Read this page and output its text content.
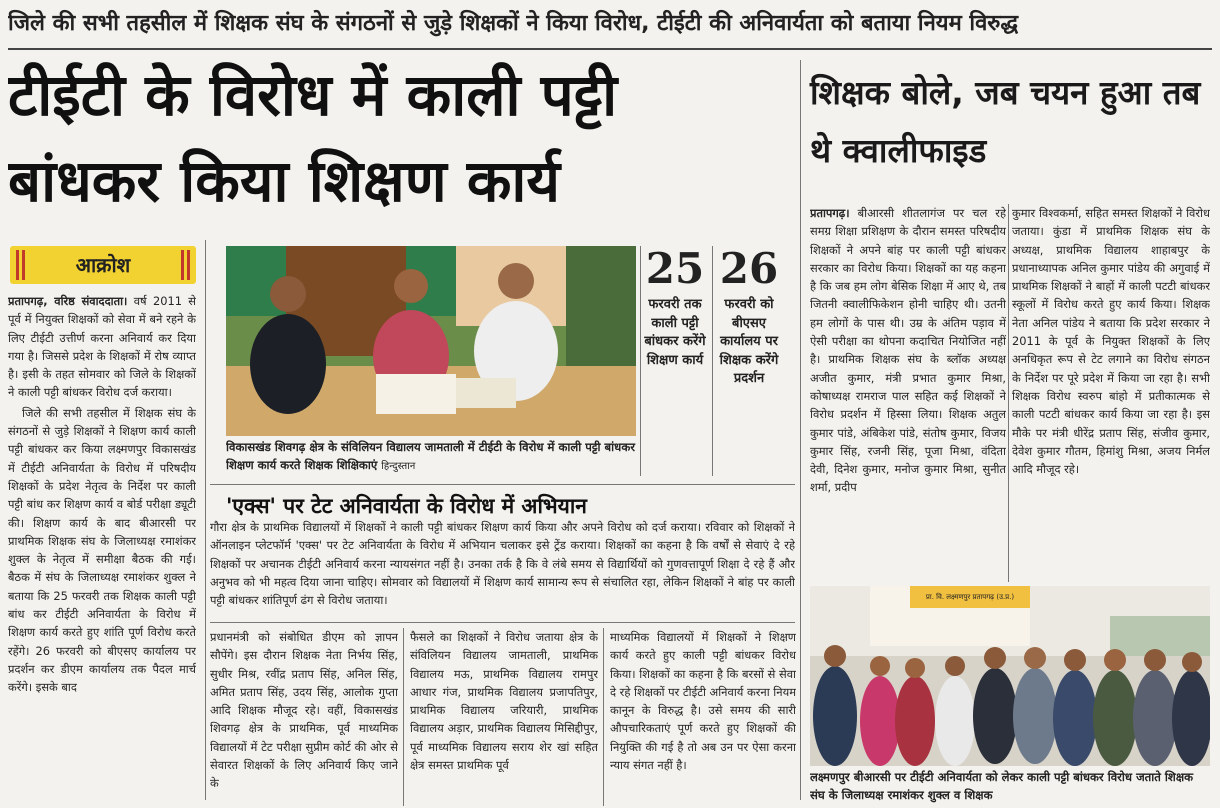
जिले की सभी तहसील में शिक्षक संघ के संगठनों से जुड़े शिक्षकों ने किया विरोध, टीईटी की अनिवार्यता को बताया नियम विरुद्ध
टीईटी के विरोध में काली पट्टी
बांधकर किया शिक्षण कार्य
शिक्षक बोले, जब चयन हुआ तब थे क्वालीफाइड
आक्रोश

प्रतापगढ़, वरिष्ठ संवाददाता। वर्ष 2011 से पूर्व में नियुक्त शिक्षकों को सेवा में बने रहने के लिए टीईटी उत्तीर्ण करना अनिवार्य कर दिया गया है। जिससे प्रदेश के शिक्षकों में रोष व्याप्त है। इसी के तहत सोमवार को जिले के शिक्षकों ने काली पट्टी बांधकर विरोध दर्ज कराया।

जिले की सभी तहसील में शिक्षक संघ के संगठनों से जुड़े शिक्षकों ने शिक्षण कार्य काली पट्टी बांधकर कर किया लक्ष्मणपुर विकासखंड में टीईटी अनिवार्यता के विरोध में परिषदीय शिक्षकों के प्रदेश नेतृत्व के निर्देश पर काली पट्टी बांध कर शिक्षण कार्य व बोर्ड परीक्षा ड्यूटी की। शिक्षण कार्य के बाद बीआरसी पर प्राथमिक शिक्षक संघ के जिलाध्यक्ष रमाशंकर शुक्ल के नेतृत्व में समीक्षा बैठक की गई। बैठक में संघ के जिलाध्यक्ष रमाशंकर शुक्ल ने बताया कि 25 फरवरी तक शिक्षक काली पट्टी बांध कर टीईटी अनिवार्यता के विरोध में शिक्षण कार्य करते हुए शांति पूर्ण विरोध करते रहेंगे। 26 फरवरी को बीएसए कार्यालय पर प्रदर्शन कर डीएम कार्यालय तक पैदल मार्च करेंगे। इसके बाद

विकासखंड शिवगढ़ क्षेत्र के संविलियन विद्यालय जामताली में टीईटी के विरोध में काली पट्टी बांधकर शिक्षण कार्य करते शिक्षक शिक्षिकाएं हिन्दुस्तान
25
फरवरी तक काली पट्टी बांधकर करेंगे शिक्षण कार्य
26
फरवरी को बीएसए कार्यालय पर शिक्षक करेंगे प्रदर्शन
'एक्स' पर टेट अनिवार्यता के विरोध में अभियान

गौरा क्षेत्र के प्राथमिक विद्यालयों में शिक्षकों ने काली पट्टी बांधकर शिक्षण कार्य किया और अपने विरोध को दर्ज कराया। रविवार को शिक्षकों ने ऑनलाइन प्लेटफॉर्म 'एक्स' पर टेट अनिवार्यता के विरोध में अभियान चलाकर इसे ट्रेंड कराया। शिक्षकों का कहना है कि वर्षों से सेवाएं दे रहे शिक्षकों पर अचानक टीईटी अनिवार्य करना न्यायसंगत नहीं है। उनका तर्क है कि वे लंबे समय से विद्यार्थियों को गुणवत्तापूर्ण शिक्षा दे रहे हैं और अनुभव को भी महत्व दिया जाना चाहिए। सोमवार को विद्यालयों में शिक्षण कार्य सामान्य रूप से संचालित रहा, लेकिन शिक्षकों ने बांह पर काली पट्टी बांधकर शांतिपूर्ण ढंग से विरोध जताया।

प्रधानमंत्री को संबोधित डीएम को ज्ञापन सौपेंगे। इस दौरान शिक्षक नेता निर्भय सिंह, सुधीर मिश्र, रवींद्र प्रताप सिंह, अनिल सिंह, अमित प्रताप सिंह, उदय सिंह, आलोक गुप्ता आदि शिक्षक मौजूद रहे। वहीं, विकासखंड शिवगढ़ क्षेत्र के प्राथमिक, पूर्व माध्यमिक विद्यालयों में टेट परीक्षा सुप्रीम कोर्ट की ओर से सेवारत शिक्षकों के लिए अनिवार्य किए जाने के

फैसले का शिक्षकों ने विरोध जताया क्षेत्र के संविलियन विद्यालय जामताली, प्राथमिक विद्यालय मऊ, प्राथमिक विद्यालय रामपुर आधार गंज, प्राथमिक विद्यालय प्रजापतिपुर, प्राथमिक विद्यालय जरियारी, प्राथमिक विद्यालय अड़ार, प्राथमिक विद्यालय मिसिद्दीपुर, पूर्व माध्यमिक विद्यालय सराय शेर खां सहित क्षेत्र समस्त प्राथमिक पूर्व

माध्यमिक विद्यालयों में शिक्षकों ने शिक्षण कार्य करते हुए काली पट्टी बांधकर विरोध किया। शिक्षकों का कहना है कि बरसों से सेवा दे रहे शिक्षकों पर टीईटी अनिवार्य करना नियम कानून के विरुद्ध है। उसे समय की सारी औपचारिकताएं पूर्ण करते हुए शिक्षकों की नियुक्ति की गई है तो अब उन पर ऐसा करना न्याय संगत नहीं है।

प्रतापगढ़। बीआरसी शीतलागंज पर चल रहे समग्र शिक्षा प्रशिक्षण के दौरान समस्त परिषदीय शिक्षकों ने अपने बांह पर काली पट्टी बांधकर सरकार का विरोध किया। शिक्षकों का यह कहना है कि जब हम लोग बेसिक शिक्षा में आए थे, तब जितनी क्वालीफिकेशन होनी चाहिए थी। उतनी हम लोगों के पास थी। उम्र के अंतिम पड़ाव में ऐसी परीक्षा का थोपना कदाचित नियोजित नहीं है। प्राथमिक शिक्षक संघ के ब्लॉक अध्यक्ष अजीत कुमार, मंत्री प्रभात कुमार मिश्रा, कोषाध्यक्ष रामराज पाल सहित कई शिक्षकों ने विरोध प्रदर्शन में हिस्सा लिया। शिक्षक अतुल कुमार पांडे, अंबिकेश पांडे, संतोष कुमार, विजय कुमार सिंह, रजनी सिंह, पूजा मिश्रा, वंदिता देवी, दिनेश कुमार, मनोज कुमार मिश्रा, सुनीत शर्मा, प्रदीप

कुमार विश्वकर्मा, सहित समस्त शिक्षकों ने विरोध जताया। कुंडा में प्राथमिक शिक्षक संघ के अध्यक्ष, प्राथमिक विद्यालय शाहाबपुर के प्रधानाध्यापक अनिल कुमार पांडेय की अगुवाई में प्राथमिक शिक्षकों ने बाहों में काली पटटी बांधकर स्कूलों में विरोध करते हुए कार्य किया। शिक्षक नेता अनिल पांडेय ने बताया कि प्रदेश सरकार ने 2011 के पूर्व के नियुक्त शिक्षकों के लिए अनधिकृत रूप से टेट लगाने का विरोध संगठन के निर्देश पर पूरे प्रदेश में किया जा रहा है। सभी शिक्षक विरोध स्वरुप बांहो में प्रतीकात्मक से काली पटटी बांधकर कार्य किया जा रहा है। इस मौके पर मंत्री धीरेंद्र प्रताप सिंह, संजीव कुमार, देवेश कुमार गौतम, हिमांशु मिश्रा, अजय निर्मल आदि मौजूद रहे।

प्रा. वि. लक्ष्मणपुर प्रतापगढ़ (उ.प्र.)
लक्ष्मणपुर बीआरसी पर टीईटी अनिवार्यता को लेकर काली पट्टी बांधकर विरोध जताते शिक्षक संघ के जिलाध्यक्ष रमाशंकर शुक्ल व शिक्षक
